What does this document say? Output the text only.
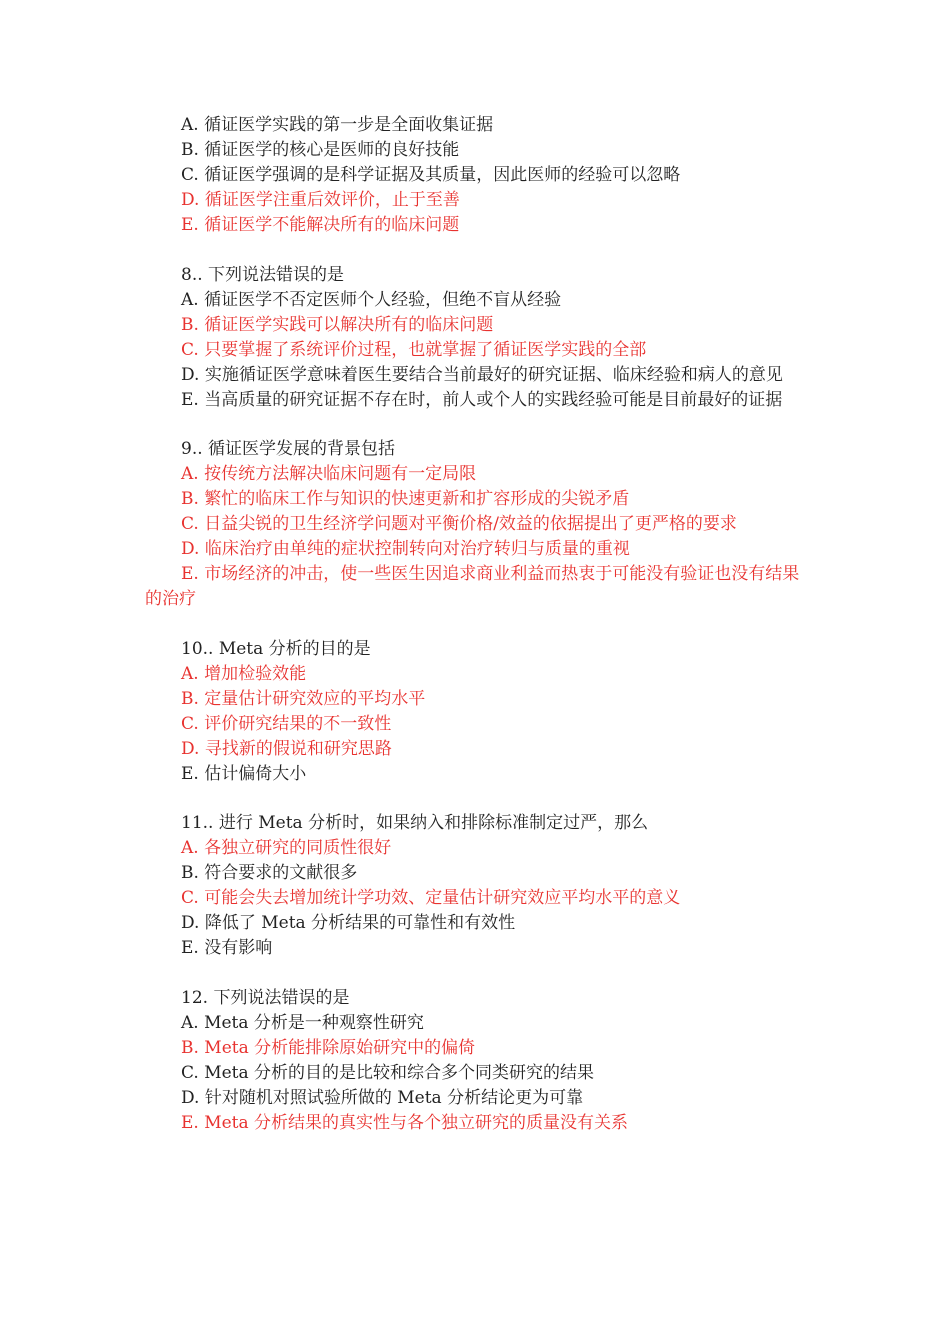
A. 循证医学实践的第一步是全面收集证据

B. 循证医学的核心是医师的良好技能

C. 循证医学强调的是科学证据及其质量，因此医师的经验可以忽略

D. 循证医学注重后效评价，止于至善

E. 循证医学不能解决所有的临床问题

8.. 下列说法错误的是

A. 循证医学不否定医师个人经验，但绝不盲从经验

B. 循证医学实践可以解决所有的临床问题

C. 只要掌握了系统评价过程，也就掌握了循证医学实践的全部

D. 实施循证医学意味着医生要结合当前最好的研究证据、临床经验和病人的意见

E. 当高质量的研究证据不存在时，前人或个人的实践经验可能是目前最好的证据

9.. 循证医学发展的背景包括

A. 按传统方法解决临床问题有一定局限

B. 繁忙的临床工作与知识的快速更新和扩容形成的尖锐矛盾

C. 日益尖锐的卫生经济学问题对平衡价格/效益的依据提出了更严格的要求

D. 临床治疗由单纯的症状控制转向对治疗转归与质量的重视

E. 市场经济的冲击，使一些医生因追求商业利益而热衷于可能没有验证也没有结果的治疗

10.. Meta 分析的目的是

A. 增加检验效能

B. 定量估计研究效应的平均水平

C. 评价研究结果的不一致性

D. 寻找新的假说和研究思路

E. 估计偏倚大小

11.. 进行 Meta 分析时，如果纳入和排除标准制定过严，那么

A. 各独立研究的同质性很好

B. 符合要求的文献很多

C. 可能会失去增加统计学功效、定量估计研究效应平均水平的意义

D. 降低了 Meta 分析结果的可靠性和有效性

E. 没有影响

12. 下列说法错误的是

A. Meta 分析是一种观察性研究

B. Meta 分析能排除原始研究中的偏倚

C. Meta 分析的目的是比较和综合多个同类研究的结果

D. 针对随机对照试验所做的 Meta 分析结论更为可靠

E. Meta 分析结果的真实性与各个独立研究的质量没有关系
